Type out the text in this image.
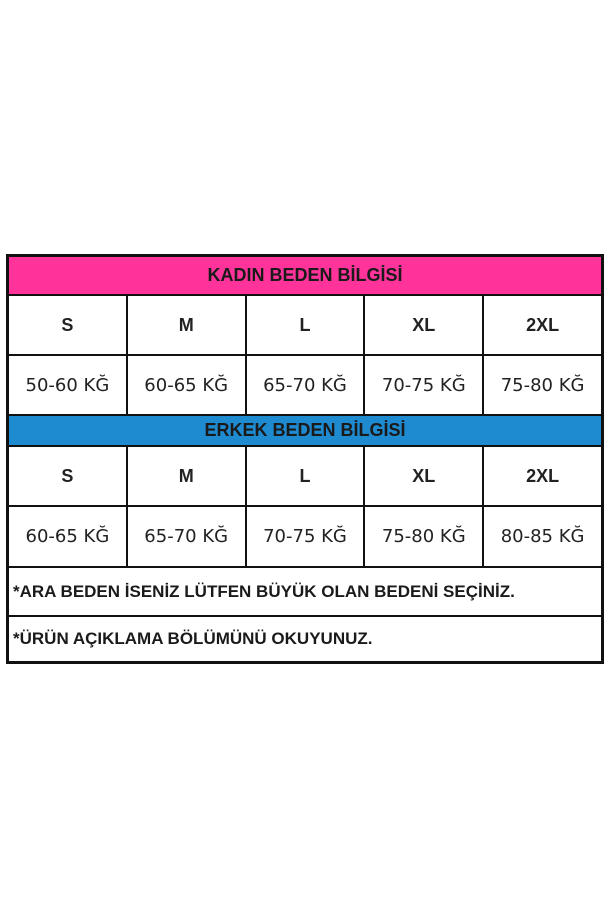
KADIN BEDEN BİLGİSİ
S	M	L	XL	2XL
50-60 KĞ	60-65 KĞ	65-70 KĞ	70-75 KĞ	75-80 KĞ
ERKEK BEDEN BİLGİSİ
S	M	L	XL	2XL
60-65 KĞ	65-70 KĞ	70-75 KĞ	75-80 KĞ	80-85 KĞ
*ARA BEDEN İSENİZ LÜTFEN BÜYÜK OLAN BEDENİ SEÇİNİZ.
*ÜRÜN AÇIKLAMA BÖLÜMÜNÜ OKUYUNUZ.
